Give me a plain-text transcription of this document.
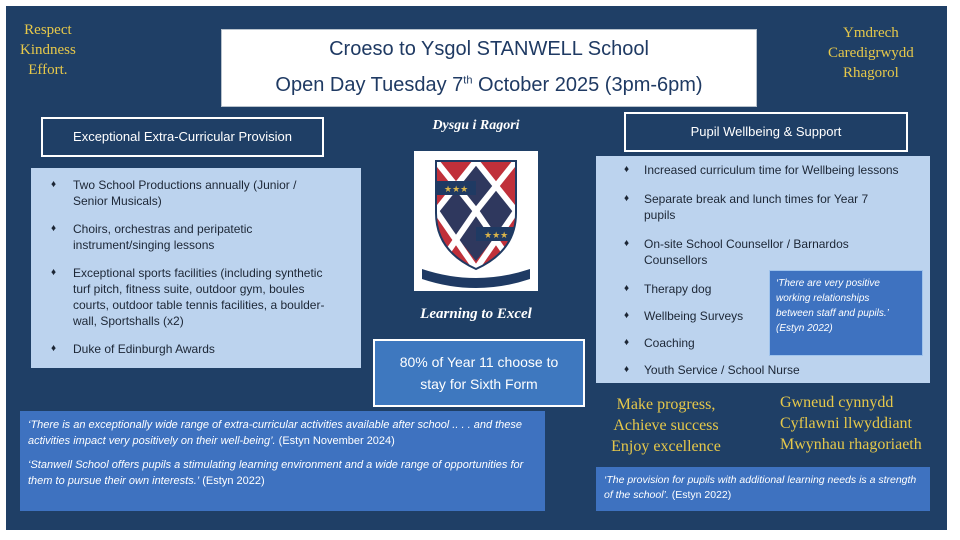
Respect
Kindness
Effort.
Ymdrech
Caredigrwydd
Rhagorol
Croeso to Ysgol STANWELL School
Open Day Tuesday 7th October 2025 (3pm-6pm)
Exceptional Extra-Curricular Provision
♦ Two School Productions annually (Junior /
Senior Musicals)
♦ Choirs, orchestras and peripatetic
instrument/singing lessons
♦ Exceptional sports facilities (including synthetic
turf pitch, fitness suite, outdoor gym, boules
courts, outdoor table tennis facilities, a boulder-
wall, Sportshalls (x2)
♦ Duke of Edinburgh Awards
Dysgu i Ragori
★★★
★★★
GOBEU ARR ARF DYSG
Learning to Excel
80% of Year 11 choose to
stay for Sixth Form
Pupil Wellbeing & Support
♦ Increased curriculum time for Wellbeing lessons
♦ Separate break and lunch times for Year 7
pupils
♦ On-site School Counsellor / Barnardos
Counsellors
♦ Therapy dog
♦ Wellbeing Surveys
♦ Coaching
♦ Youth Service / School Nurse
‘There are very positive
working relationships
between staff and pupils.’
(Estyn 2022)
‘There is an exceptionally wide range of extra-curricular activities available after school .. . . and these activities impact very positively on their well-being’. (Estyn November 2024)
‘Stanwell School offers pupils a stimulating learning environment and a wide range of opportunities for them to pursue their own interests.’ (Estyn 2022)
Make progress,
Achieve success
Enjoy excellence
Gwneud cynnydd
Cyflawni llwyddiant
Mwynhau rhagoriaeth
‘The provision for pupils with additional learning needs is a strength of the school’. (Estyn 2022)
